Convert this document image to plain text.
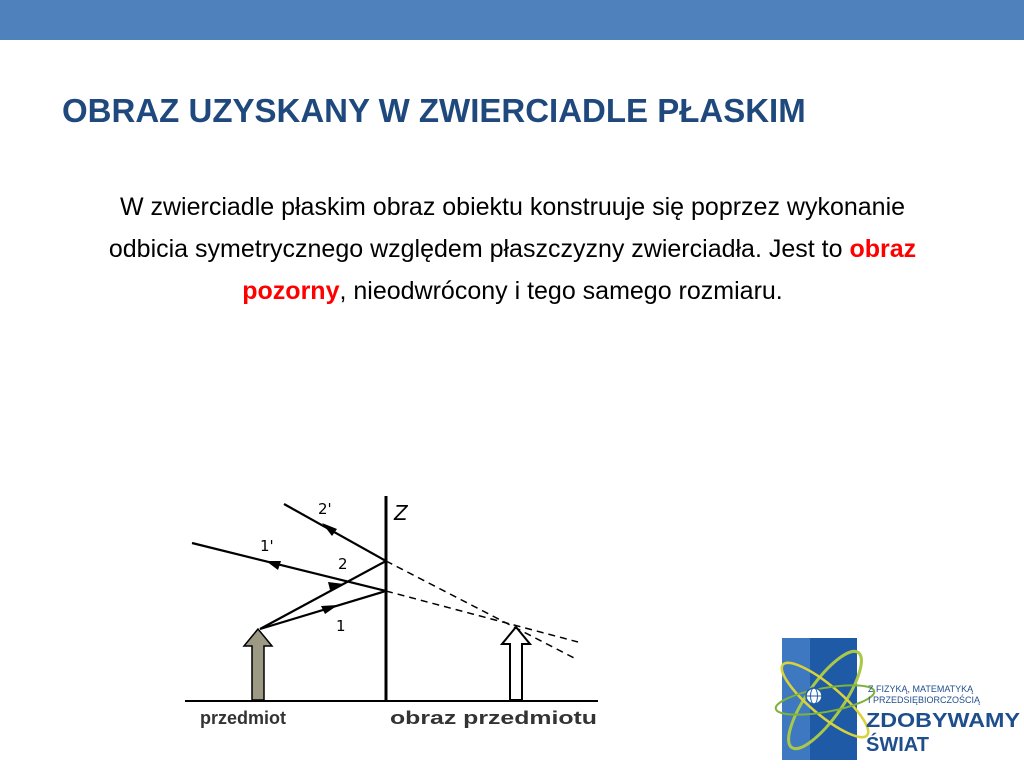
OBRAZ UZYSKANY W ZWIERCIADLE PŁASKIM

W zwierciadle płaskim obraz obiektu konstruuje się poprzez wykonanie odbicia symetrycznego względem płaszczyzny zwierciadła. Jest to obraz pozorny, nieodwrócony i tego samego rozmiaru.

Z
2'
1'
2
1
przedmiot	obraz przedmiotu
Z FIZYKĄ, MATEMATYKĄ
I PRZEDSIĘBIORCZOŚCIĄ
ZDOBYWAMY
ŚWIAT
